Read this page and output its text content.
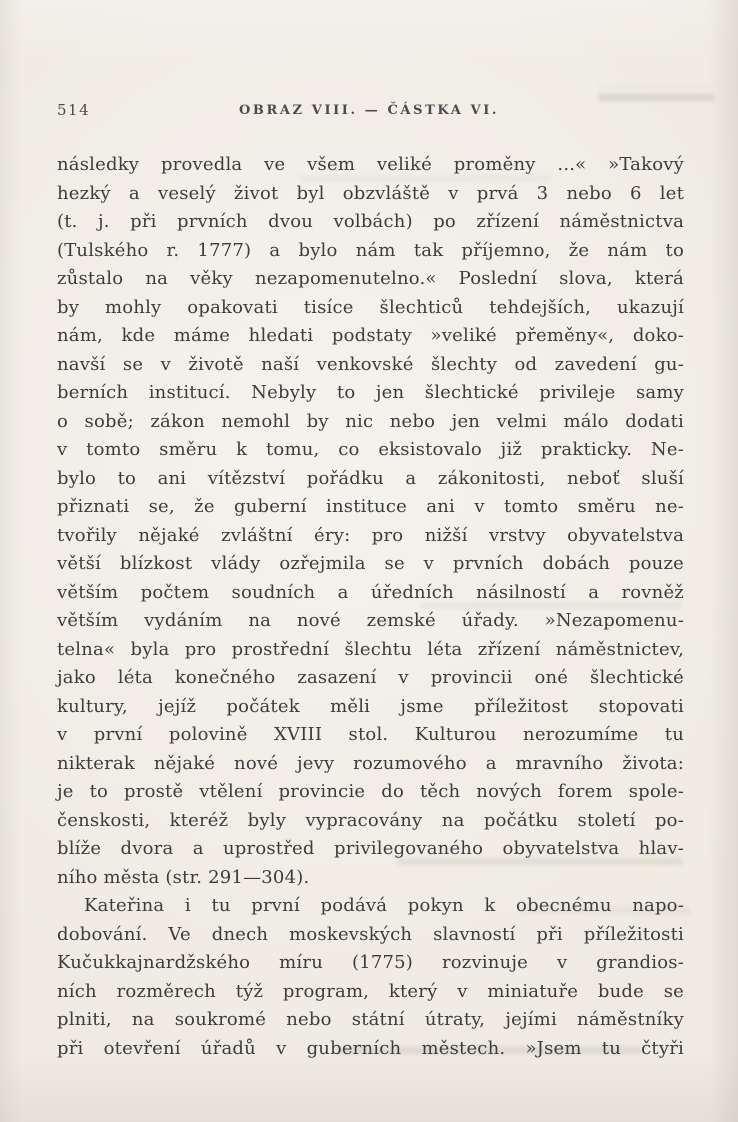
514	OBRAZ VIII. — ČÁSTKA VI.
následky provedla ve všem veliké proměny ...« »Takový
hezký a veselý život byl obzvláště v prvá 3 nebo 6 let
(t. j. při prvních dvou volbách) po zřízení náměstnictva
(Tulského r. 1777) a bylo nám tak příjemno, že nám to
zůstalo na věky nezapomenutelno.« Poslední slova, která
by mohly opakovati tisíce šlechticů tehdejších, ukazují
nám, kde máme hledati podstaty »veliké přeměny«, doko-
navší se v životě naší venkovské šlechty od zavedení gu-
berních institucí. Nebyly to jen šlechtické privileje samy
o sobě; zákon nemohl by nic nebo jen velmi málo dodati
v tomto směru k tomu, co eksistovalo již prakticky. Ne-
bylo to ani vítězství pořádku a zákonitosti, neboť sluší
přiznati se, že guberní instituce ani v tomto směru ne-
tvořily nějaké zvláštní éry: pro nižší vrstvy obyvatelstva
větší blízkost vlády ozřejmila se v prvních dobách pouze
větším počtem soudních a úředních násilností a rovněž
větším vydáním na nové zemské úřady. »Nezapomenu-
telna« byla pro prostřední šlechtu léta zřízení náměstnictev,
jako léta konečného zasazení v provincii oné šlechtické
kultury, jejíž počátek měli jsme příležitost stopovati
v první polovině XVIII stol. Kulturou nerozumíme tu
nikterak nějaké nové jevy rozumového a mravního života:
je to prostě vtělení provincie do těch nových forem spole-
čenskosti, kteréž byly vypracovány na počátku století po-
blíže dvora a uprostřed privilegovaného obyvatelstva hlav-
ního města (str. 291—304).
Kateřina i tu první podává pokyn k obecnému napo-
dobování. Ve dnech moskevských slavností při příležitosti
Kučukkajnardžského míru (1775) rozvinuje v grandios-
ních rozměrech týž program, který v miniatuře bude se
plniti, na soukromé nebo státní útraty, jejími náměstníky
při otevření úřadů v guberních městech. »Jsem tu čtyři
